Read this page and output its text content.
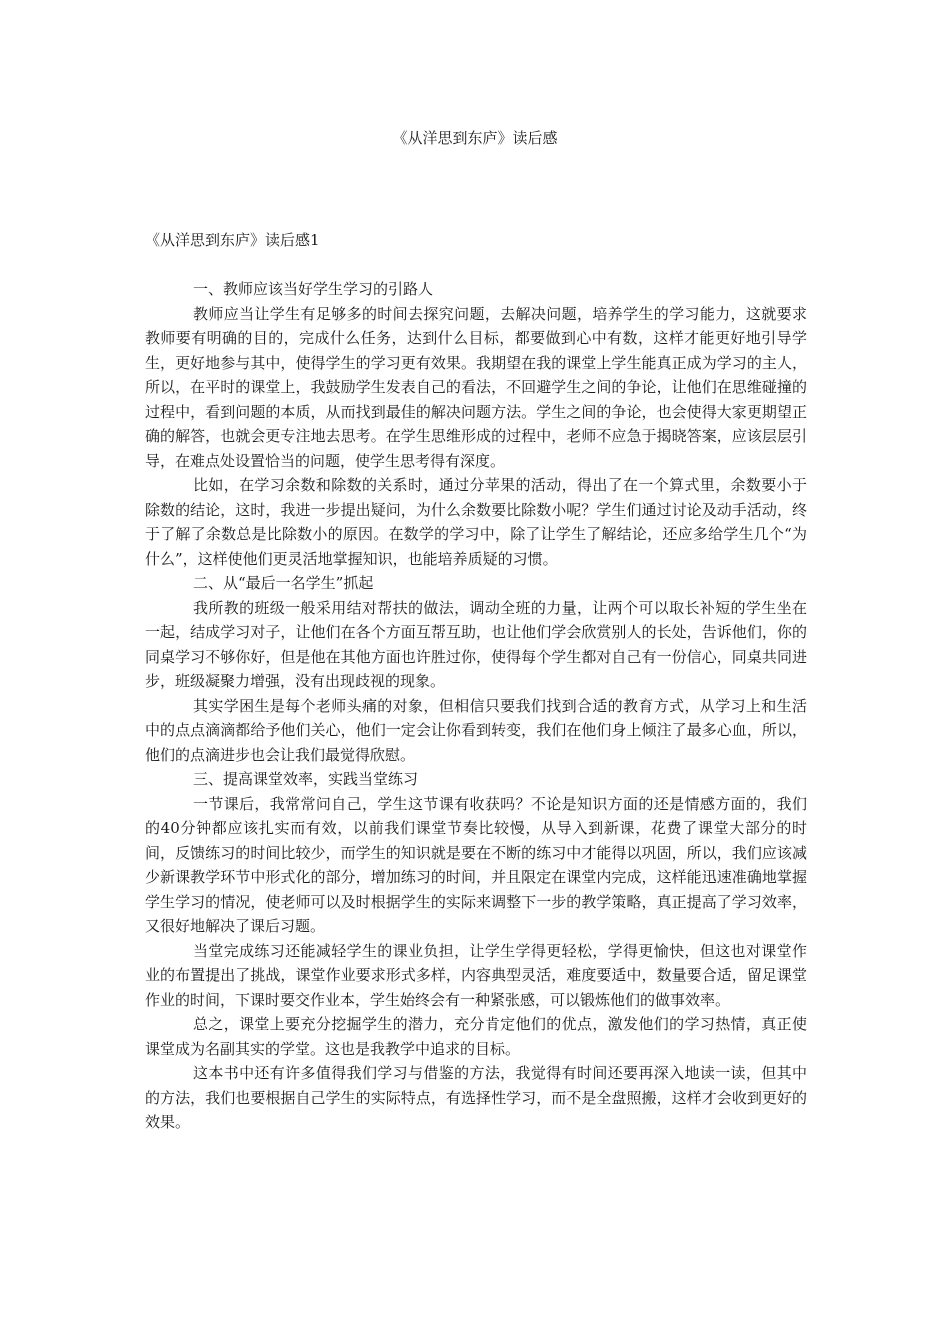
《从洋思到东庐》读后感
《从洋思到东庐》读后感1

一、教师应该当好学生学习的引路人

教师应当让学生有足够多的时间去探究问题，去解决问题，培养学生的学习能力，这就要求教师要有明确的目的，完成什么任务，达到什么目标，都要做到心中有数，这样才能更好地引导学生，更好地参与其中，使得学生的学习更有效果。我期望在我的课堂上学生能真正成为学习的主人，所以，在平时的课堂上，我鼓励学生发表自己的看法，不回避学生之间的争论，让他们在思维碰撞的过程中，看到问题的本质，从而找到最佳的解决问题方法。学生之间的争论，也会使得大家更期望正确的解答，也就会更专注地去思考。在学生思维形成的过程中，老师不应急于揭晓答案，应该层层引导，在难点处设置恰当的问题，使学生思考得有深度。

比如，在学习余数和除数的关系时，通过分苹果的活动，得出了在一个算式里，余数要小于除数的结论，这时，我进一步提出疑问，为什么余数要比除数小呢？学生们通过讨论及动手活动，终于了解了余数总是比除数小的原因。在数学的学习中，除了让学生了解结论，还应多给学生几个“为什么”，这样使他们更灵活地掌握知识，也能培养质疑的习惯。

二、从“最后一名学生”抓起

我所教的班级一般采用结对帮扶的做法，调动全班的力量，让两个可以取长补短的学生坐在一起，结成学习对子，让他们在各个方面互帮互助，也让他们学会欣赏别人的长处，告诉他们，你的同桌学习不够你好，但是他在其他方面也许胜过你，使得每个学生都对自己有一份信心，同桌共同进步，班级凝聚力增强，没有出现歧视的现象。

其实学困生是每个老师头痛的对象，但相信只要我们找到合适的教育方式，从学习上和生活中的点点滴滴都给予他们关心，他们一定会让你看到转变，我们在他们身上倾注了最多心血，所以，他们的点滴进步也会让我们最觉得欣慰。

三、提高课堂效率，实践当堂练习

一节课后，我常常问自己，学生这节课有收获吗？不论是知识方面的还是情感方面的，我们的40分钟都应该扎实而有效，以前我们课堂节奏比较慢，从导入到新课，花费了课堂大部分的时间，反馈练习的时间比较少，而学生的知识就是要在不断的练习中才能得以巩固，所以，我们应该减少新课教学环节中形式化的部分，增加练习的时间，并且限定在课堂内完成，这样能迅速准确地掌握学生学习的情况，使老师可以及时根据学生的实际来调整下一步的教学策略，真正提高了学习效率，又很好地解决了课后习题。

当堂完成练习还能减轻学生的课业负担，让学生学得更轻松，学得更愉快，但这也对课堂作业的布置提出了挑战，课堂作业要求形式多样，内容典型灵活，难度要适中，数量要合适，留足课堂作业的时间，下课时要交作业本，学生始终会有一种紧张感，可以锻炼他们的做事效率。

总之，课堂上要充分挖掘学生的潜力，充分肯定他们的优点，激发他们的学习热情，真正使课堂成为名副其实的学堂。这也是我教学中追求的目标。

这本书中还有许多值得我们学习与借鉴的方法，我觉得有时间还要再深入地读一读，但其中的方法，我们也要根据自己学生的实际特点，有选择性学习，而不是全盘照搬，这样才会收到更好的效果。
